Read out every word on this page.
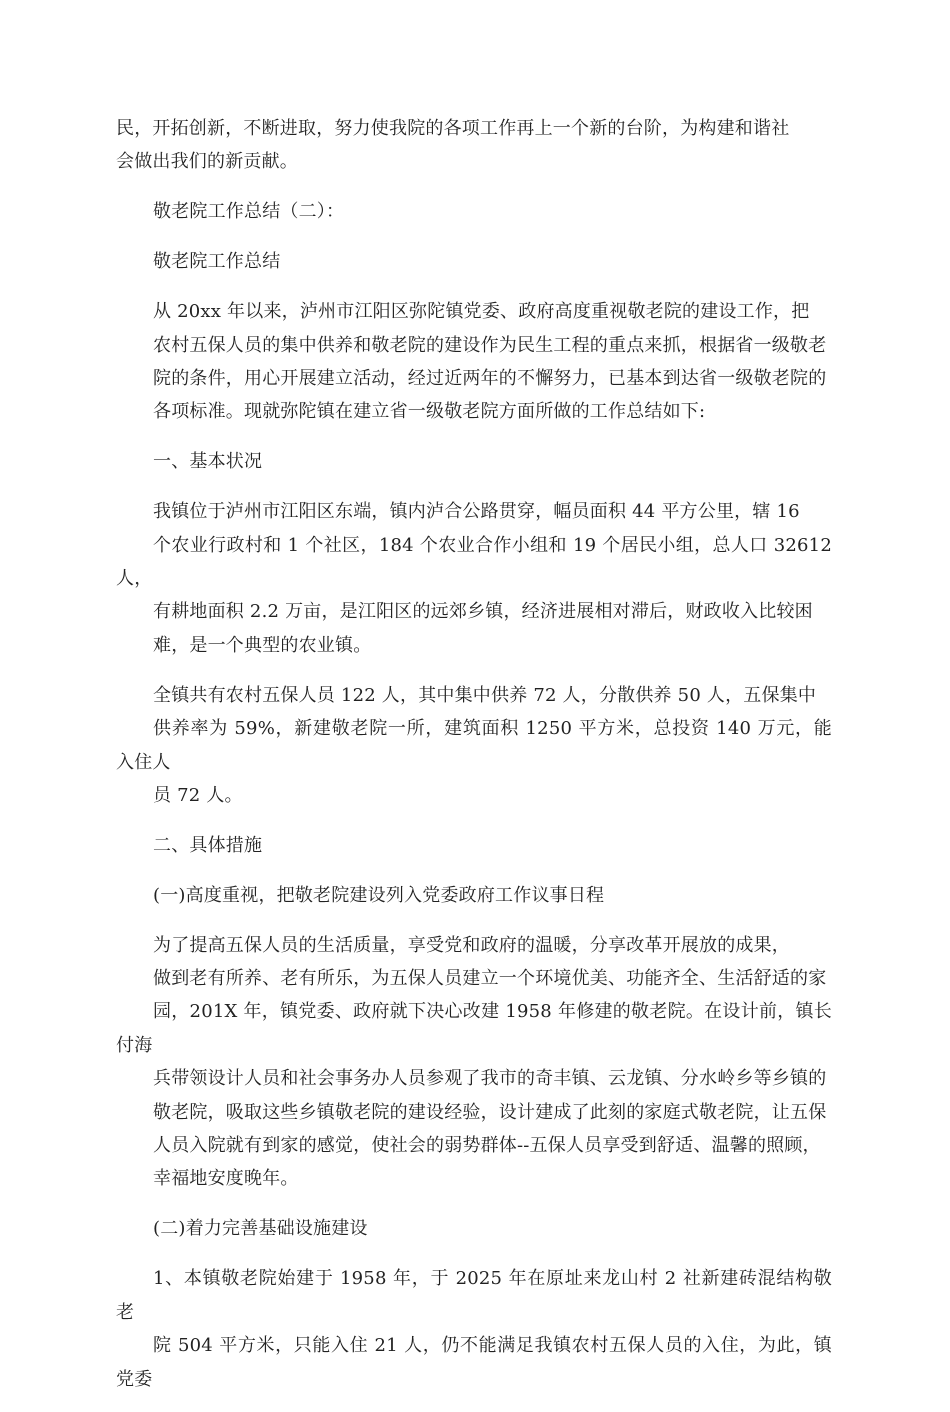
民，开拓创新，不断进取，努力使我院的各项工作再上一个新的台阶，为构建和谐社
会做出我们的新贡献。

敬老院工作总结（二）：

敬老院工作总结

从 20xx 年以来，泸州市江阳区弥陀镇党委、政府高度重视敬老院的建设工作，把
农村五保人员的集中供养和敬老院的建设作为民生工程的重点来抓，根据省一级敬老
院的条件，用心开展建立活动，经过近两年的不懈努力，已基本到达省一级敬老院的
各项标准。现就弥陀镇在建立省一级敬老院方面所做的工作总结如下:

一、基本状况

我镇位于泸州市江阳区东端，镇内泸合公路贯穿，幅员面积 44 平方公里，辖 16
个农业行政村和 1 个社区，184 个农业合作小组和 19 个居民小组，总人口 32612 人，
有耕地面积 2.2 万亩，是江阳区的远郊乡镇，经济进展相对滞后，财政收入比较困
难，是一个典型的农业镇。

全镇共有农村五保人员 122 人，其中集中供养 72 人，分散供养 50 人，五保集中
供养率为 59%，新建敬老院一所，建筑面积 1250 平方米，总投资 140 万元，能入住人
员 72 人。

二、具体措施

(一)高度重视，把敬老院建设列入党委政府工作议事日程

为了提高五保人员的生活质量，享受党和政府的温暖，分享改革开展放的成果，
做到老有所养、老有所乐，为五保人员建立一个环境优美、功能齐全、生活舒适的家
园，201X 年，镇党委、政府就下决心改建 1958 年修建的敬老院。在设计前，镇长付海
兵带领设计人员和社会事务办人员参观了我市的奇丰镇、云龙镇、分水岭乡等乡镇的
敬老院，吸取这些乡镇敬老院的建设经验，设计建成了此刻的家庭式敬老院，让五保
人员入院就有到家的感觉，使社会的弱势群体--五保人员享受到舒适、温馨的照顾，
幸福地安度晚年。

(二)着力完善基础设施建设

1、本镇敬老院始建于 1958 年，于 2025 年在原址来龙山村 2 社新建砖混结构敬老
院 504 平方米，只能入住 21 人，仍不能满足我镇农村五保人员的入住，为此，镇党委
